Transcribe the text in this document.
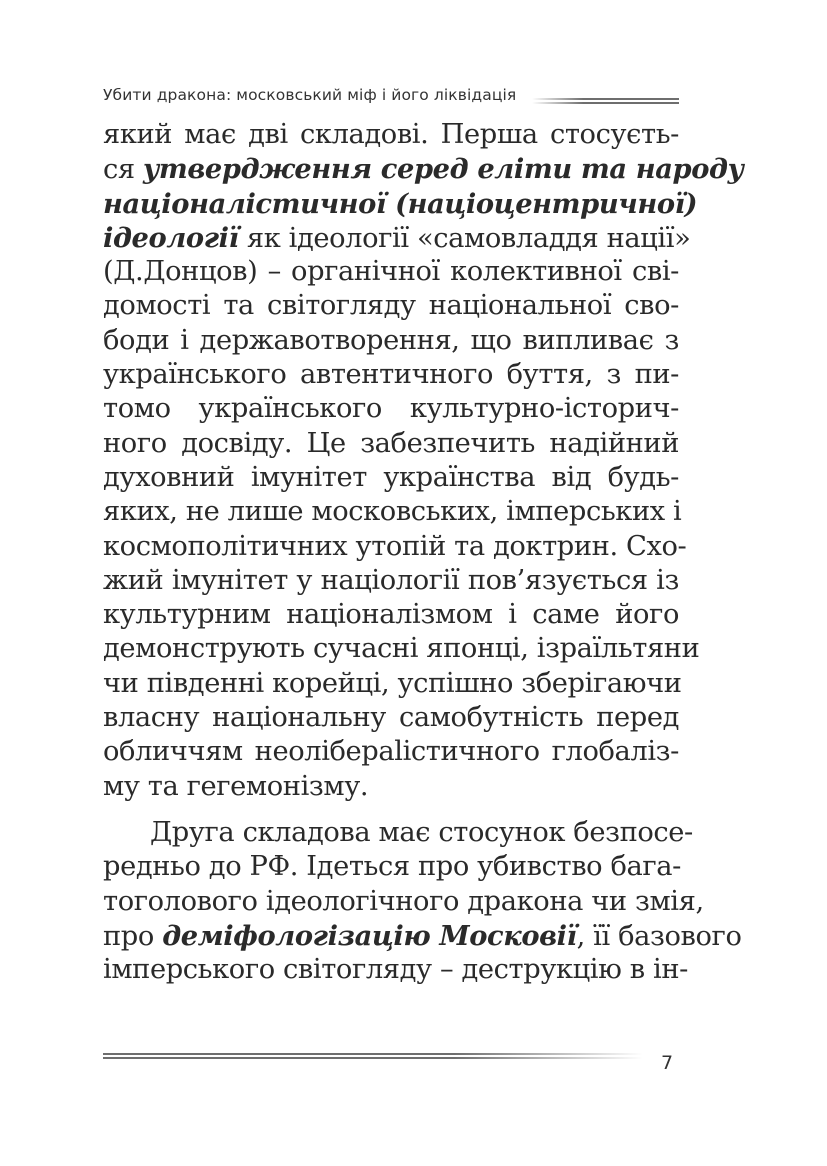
Убити дракона: московський міф і його ліквідація
який має дві складові. Перша стосуєть-
ся утвердження серед еліти та народу
націоналістичної (націоцентричної)
ідеології як ідеології «самовладдя нації»
(Д.Донцов) – органічної колективної сві-
домості та світогляду національної сво-
боди і державотворення, що випливає з
українського автентичного буття, з пи-
томо українського культурно-історич-
ного досвіду. Це забезпечить надійний
духовний імунітет українства від будь-
яких, не лише московських, імперських і
космополітичних утопій та доктрин. Схо-
жий імунітет у націології пов’язується із
культурним націоналізмом і саме його
демонструють сучасні японці, ізраїльтяни
чи південні корейці, успішно зберігаючи
власну національну самобутність перед
обличчям неоліберalістичного глобаліз-
му та гегемонізму.
Друга складова має стосунок безпосе-
редньо до РФ. Ідеться про убивство бага-
тоголового ідеологічного дракона чи змія,
про деміфологізацію Московії, її базового
імперського світогляду – деструкцію в ін-
7
